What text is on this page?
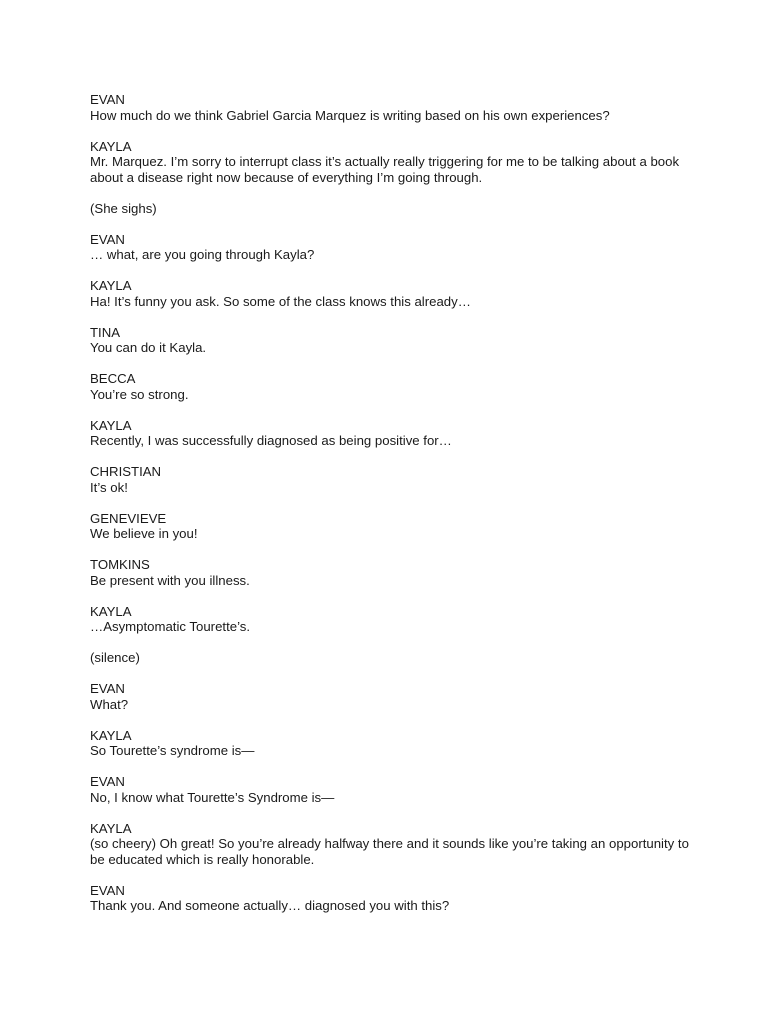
EVAN
How much do we think Gabriel Garcia Marquez is writing based on his own experiences?
KAYLA
Mr. Marquez. I’m sorry to interrupt class it’s actually really triggering for me to be talking about a book about a disease right now because of everything I’m going through.
(She sighs)
EVAN
… what, are you going through Kayla?
KAYLA
Ha! It’s funny you ask. So some of the class knows this already…
TINA
You can do it Kayla.
BECCA
You’re so strong.
KAYLA
Recently, I was successfully diagnosed as being positive for…
CHRISTIAN
It’s ok!
GENEVIEVE
We believe in you!
TOMKINS
Be present with you illness.
KAYLA
…Asymptomatic Tourette’s.
(silence)
EVAN
What?
KAYLA
So Tourette’s syndrome is—
EVAN
No, I know what Tourette’s Syndrome is—
KAYLA
(so cheery) Oh great! So you’re already halfway there and it sounds like you’re taking an opportunity to be educated which is really honorable.
EVAN
Thank you. And someone actually… diagnosed you with this?
